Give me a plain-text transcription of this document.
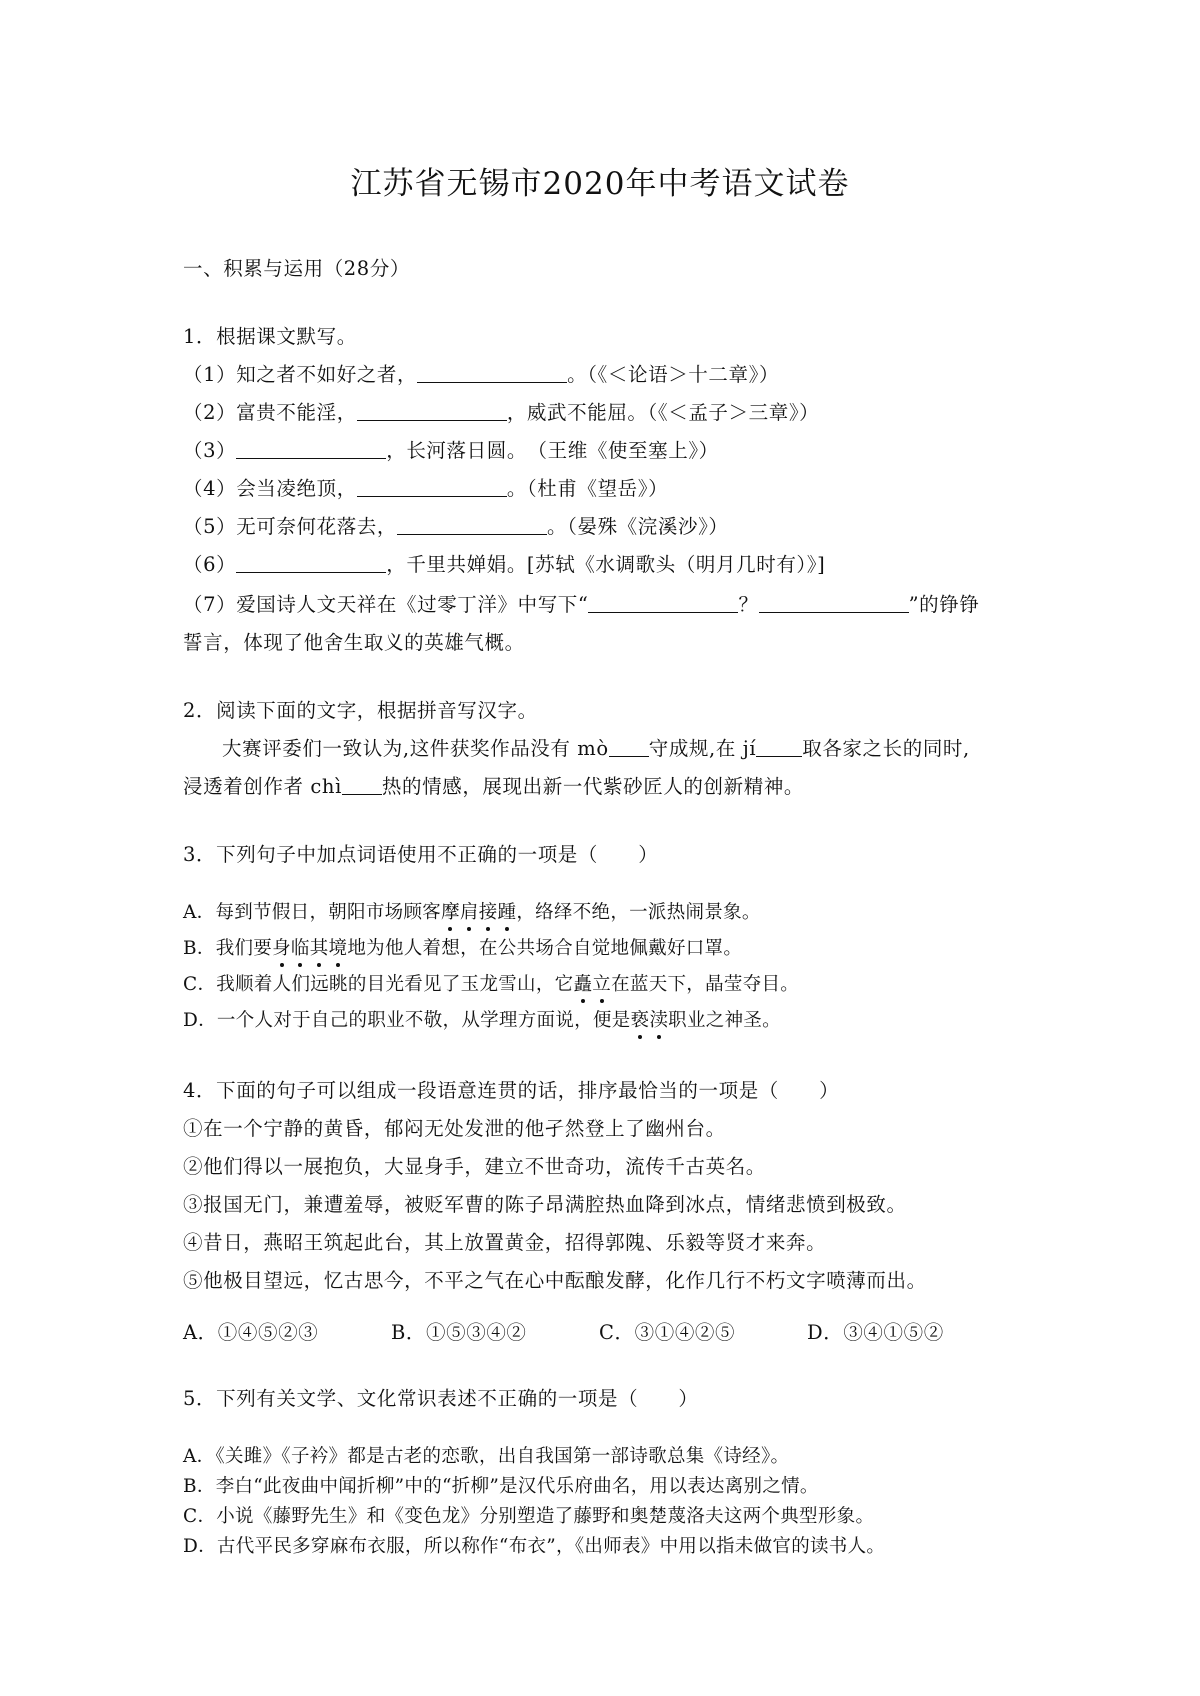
江苏省无锡市2020年中考语文试卷
一、积累与运用（28分）
1．根据课文默写。
（1）知之者不如好之者，	。（《＜论语＞十二章》）
（2）富贵不能淫，	，威武不能屈。（《＜孟子＞三章》）
（3）	，长河落日圆。　（王维《使至塞上》）
（4）会当凌绝顶，	。（杜甫《望岳》）
（5）无可奈何花落去，	。（晏殊《浣溪沙》）
（6）	，千里共婵娟。[苏轼《水调歌头（明月几时有）》]
（7）爱国诗人文天祥在《过零丁洋》中写下“	？	”的铮铮
誓言，体现了他舍生取义的英雄气概。
2．阅读下面的文字，根据拼音写汉字。
大赛评委们一致认为,这件获奖作品没有 mò 守成规,在 jí 取各家之长的同时,
浸透着创作者 chì 热的情感，展现出新一代紫砂匠人的创新精神。
3．下列句子中加点词语使用不正确的一项是（　　）
A．每到节假日，朝阳市场顾客摩肩接踵，络绎不绝，一派热闹景象。
B．我们要身临其境地为他人着想，在公共场合自觉地佩戴好口罩。
C．我顺着人们远眺的目光看见了玉龙雪山，它矗立在蓝天下，晶莹夺目。
D．一个人对于自己的职业不敬，从学理方面说，便是亵渎职业之神圣。
4．下面的句子可以组成一段语意连贯的话，排序最恰当的一项是（　　）
①在一个宁静的黄昏，郁闷无处发泄的他孑然登上了幽州台。
②他们得以一展抱负，大显身手，建立不世奇功，流传千古英名。
③报国无门，兼遭羞辱，被贬军曹的陈子昂满腔热血降到冰点，情绪悲愤到极致。
④昔日，燕昭王筑起此台，其上放置黄金，招得郭隗、乐毅等贤才来奔。
⑤他极目望远，忆古思今，不平之气在心中酝酿发酵，化作几行不朽文字喷薄而出。
A．①④⑤②③	B．①⑤③④②	C．③①④②⑤	D．③④①⑤②
5．下列有关文学、文化常识表述不正确的一项是（　　）
A．《关雎》《子衿》都是古老的恋歌，出自我国第一部诗歌总集《诗经》。
B．李白“此夜曲中闻折柳”中的“折柳”是汉代乐府曲名，用以表达离别之情。
C．小说《藤野先生》和《变色龙》分别塑造了藤野和奥楚蔑洛夫这两个典型形象。
D．古代平民多穿麻布衣服，所以称作“布衣”，《出师表》中用以指未做官的读书人。
